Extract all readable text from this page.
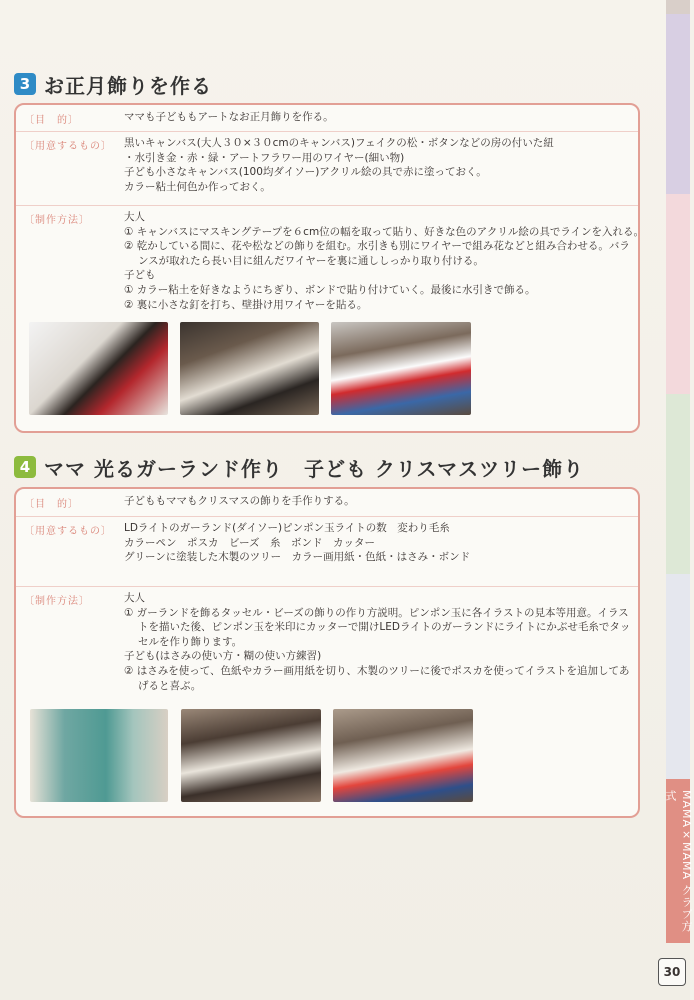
MAMA×MAMA クラブ方式
30
3 お正月飾りを作る
〔目　的〕	ママも子どももアートなお正月飾りを作る。
〔用意するもの〕 黒いキャンバス(大人３０×３０cmのキャンバス)フェイクの松・ボタンなどの房の付いた紐
・水引き金・赤・緑・アートフラワー用のワイヤー(細い物)
子ども小さなキャンバス(100均ダイソー)アクリル絵の具で赤に塗っておく。
カラー粘土何色か作っておく。
〔制作方法〕	大人
① キャンバスにマスキングテープを６cm位の幅を取って貼り、好きな色のアクリル絵の具でラインを入れる。
② 乾かしている間に、花や松などの飾りを組む。水引きも別にワイヤーで組み花などと組み合わせる。バランスが取れたら長い目に組んだワイヤーを裏に通ししっかり取り付ける。
子ども
① カラー粘土を好きなようにちぎり、ボンドで貼り付けていく。最後に水引きで飾る。
② 裏に小さな釘を打ち、壁掛け用ワイヤーを貼る。
4 ママ 光るガーランド作り　子ども クリスマスツリー飾り
〔目　的〕	子どももママもクリスマスの飾りを手作りする。
〔用意するもの〕 LDライトのガーランド(ダイソー)ピンポン玉ライトの数　変わり毛糸
カラーペン　ポスカ　ビーズ　糸　ボンド　カッター
グリーンに塗装した木製のツリー　カラー画用紙・色紙・はさみ・ボンド
〔制作方法〕	大人
① ガーランドを飾るタッセル・ビーズの飾りの作り方説明。ピンポン玉に各イラストの見本等用意。イラストを描いた後、ピンポン玉を米印にカッターで開けLEDライトのガーランドにライトにかぶせ毛糸でタッセルを作り飾ります。
子ども(はさみの使い方・糊の使い方練習)
② はさみを使って、色紙やカラー画用紙を切り、木製のツリーに後でポスカを使ってイラストを追加してあげると喜ぶ。
